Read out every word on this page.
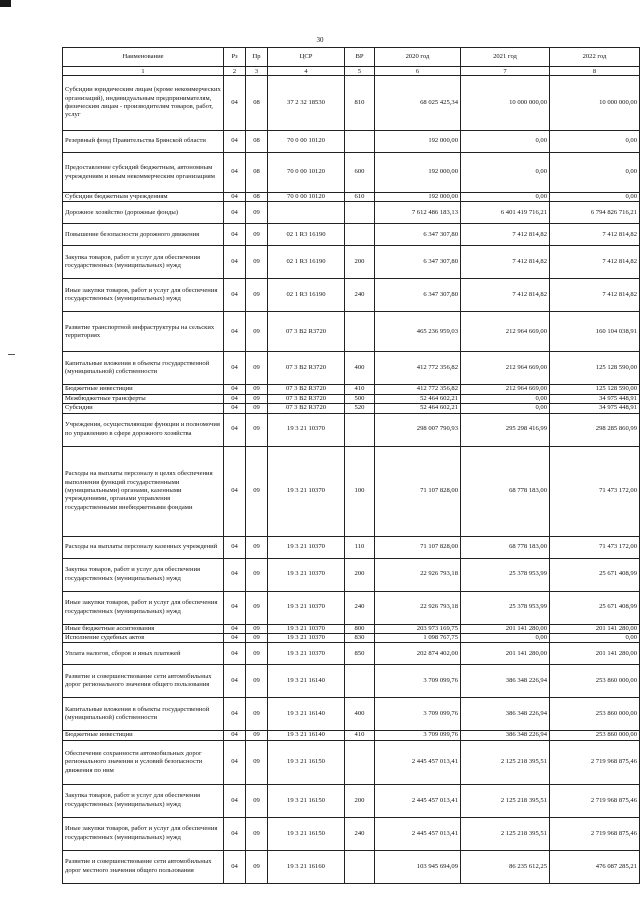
30
Наименование	Рз	Пр	ЦСР	ВР	2020 год	2021 год	2022 год
1	2	3	4	5	6	7	8
Субсидии юридическим лицам (кроме некоммерческих организаций), индивидуальным предпринимателям, физическим лицам - производителям товаров, работ, услуг	04	08	37 2 32 18530	810	68 025 425,34	10 000 000,00	10 000 000,00
Резервный фонд Правительства Брянской области	04	08	70 0 00 10120		192 000,00	0,00	0,00
Предоставление субсидий бюджетным, автономным учреждениям и иным некоммерческим организациям	04	08	70 0 00 10120	600	192 000,00	0,00	0,00
Субсидии бюджетным учреждениям	04	08	70 0 00 10120	610	192 000,00	0,00	0,00
Дорожное хозяйство (дорожные фонды)	04	09			7 612 486 183,13	6 401 419 716,21	6 794 826 716,21
Повышение безопасности дорожного движения	04	09	02 1 R3 16190		6 347 307,80	7 412 814,82	7 412 814,82
Закупка товаров, работ и услуг для обеспечения государственных (муниципальных) нужд	04	09	02 1 R3 16190	200	6 347 307,80	7 412 814,82	7 412 814,82
Иные закупки товаров, работ и услуг для обеспечения государственных (муниципальных) нужд	04	09	02 1 R3 16190	240	6 347 307,80	7 412 814,82	7 412 814,82
Развитие транспортной инфраструктуры на сельских территориях	04	09	07 3 B2 R3720		465 236 959,03	212 964 669,00	160 104 038,91
Капитальные вложения в объекты государственной (муниципальной) собственности	04	09	07 3 B2 R3720	400	412 772 356,82	212 964 669,00	125 128 590,00
Бюджетные инвестиции	04	09	07 3 B2 R3720	410	412 772 356,82	212 964 669,00	125 128 590,00
Межбюджетные трансферты	04	09	07 3 B2 R3720	500	52 464 602,21	0,00	34 975 448,91
Субсидии	04	09	07 3 B2 R3720	520	52 464 602,21	0,00	34 975 448,91
Учреждения, осуществляющие функции и полномочия по управлению в сфере дорожного хозяйства	04	09	19 3 21 10370		298 007 790,93	295 298 416,99	298 285 860,99
Расходы на выплаты персоналу в целях обеспечения выполнения функций государственными (муниципальными) органами, казенными учреждениями, органами управления государственными внебюджетными фондами	04	09	19 3 21 10370	100	71 107 828,00	68 778 183,00	71 473 172,00
Расходы на выплаты персоналу казенных учреждений	04	09	19 3 21 10370	110	71 107 828,00	68 778 183,00	71 473 172,00
Закупка товаров, работ и услуг для обеспечения государственных (муниципальных) нужд	04	09	19 3 21 10370	200	22 926 793,18	25 378 953,99	25 671 408,99
Иные закупки товаров, работ и услуг для обеспечения государственных (муниципальных) нужд	04	09	19 3 21 10370	240	22 926 793,18	25 378 953,99	25 671 408,99
Иные бюджетные ассигнования	04	09	19 3 21 10370	800	203 973 169,75	201 141 280,00	201 141 280,00
Исполнение судебных актов	04	09	19 3 21 10370	830	1 098 767,75	0,00	0,00
Уплата налогов, сборов и иных платежей	04	09	19 3 21 10370	850	202 874 402,00	201 141 280,00	201 141 280,00
Развитие и совершенствование сети автомобильных дорог регионального значения общего пользования	04	09	19 3 21 16140		3 709 099,76	386 348 226,94	253 860 000,00
Капитальные вложения в объекты государственной (муниципальной) собственности	04	09	19 3 21 16140	400	3 709 099,76	386 348 226,94	253 860 000,00
Бюджетные инвестиции	04	09	19 3 21 16140	410	3 709 099,76	386 348 226,94	253 860 000,00
Обеспечение сохранности автомобильных дорог регионального значения и условий безопасности движения по ним	04	09	19 3 21 16150		2 445 457 013,41	2 125 218 395,51	2 719 968 875,46
Закупка товаров, работ и услуг для обеспечения государственных (муниципальных) нужд	04	09	19 3 21 16150	200	2 445 457 013,41	2 125 218 395,51	2 719 968 875,46
Иные закупки товаров, работ и услуг для обеспечения государственных (муниципальных) нужд	04	09	19 3 21 16150	240	2 445 457 013,41	2 125 218 395,51	2 719 968 875,46
Развитие и совершенствование сети автомобильных дорог местного значения общего пользования	04	09	19 3 21 16160		103 945 694,09	86 235 612,25	476 087 285,21
